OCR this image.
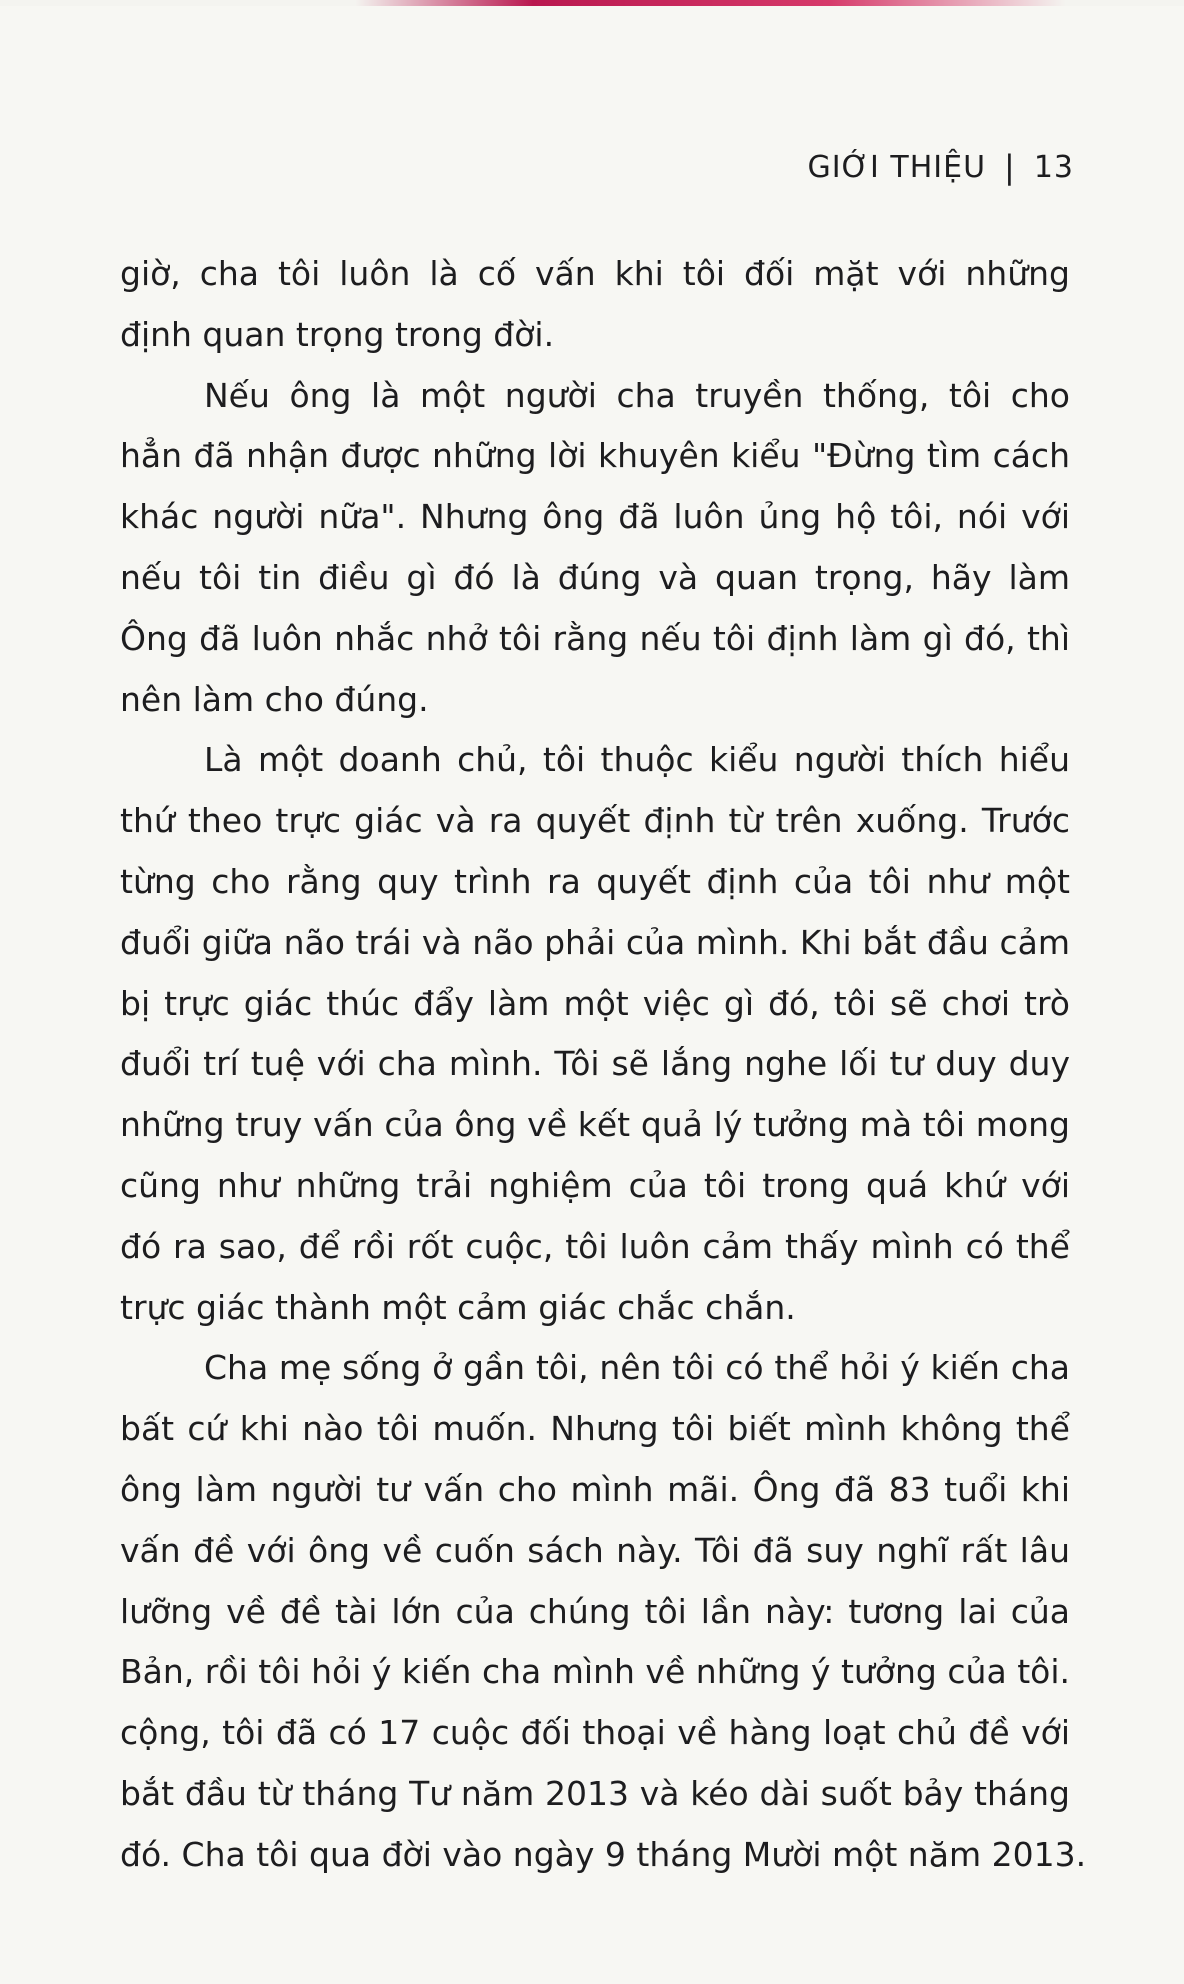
GIỚI THIỆU | 13
giờ, cha tôi luôn là cố vấn khi tôi đối mặt với những
định quan trọng trong đời.
Nếu ông là một người cha truyền thống, tôi cho
hẳn đã nhận được những lời khuyên kiểu "Đừng tìm cách
khác người nữa". Nhưng ông đã luôn ủng hộ tôi, nói với
nếu tôi tin điều gì đó là đúng và quan trọng, hãy làm
Ông đã luôn nhắc nhở tôi rằng nếu tôi định làm gì đó, thì
nên làm cho đúng.
Là một doanh chủ, tôi thuộc kiểu người thích hiểu
thứ theo trực giác và ra quyết định từ trên xuống. Trước
từng cho rằng quy trình ra quyết định của tôi như một
đuổi giữa não trái và não phải của mình. Khi bắt đầu cảm
bị trực giác thúc đẩy làm một việc gì đó, tôi sẽ chơi trò
đuổi trí tuệ với cha mình. Tôi sẽ lắng nghe lối tư duy duy
những truy vấn của ông về kết quả lý tưởng mà tôi mong
cũng như những trải nghiệm của tôi trong quá khứ với
đó ra sao, để rồi rốt cuộc, tôi luôn cảm thấy mình có thể
trực giác thành một cảm giác chắc chắn.
Cha mẹ sống ở gần tôi, nên tôi có thể hỏi ý kiến cha
bất cứ khi nào tôi muốn. Nhưng tôi biết mình không thể
ông làm người tư vấn cho mình mãi. Ông đã 83 tuổi khi
vấn đề với ông về cuốn sách này. Tôi đã suy nghĩ rất lâu
lưỡng về đề tài lớn của chúng tôi lần này: tương lai của
Bản, rồi tôi hỏi ý kiến cha mình về những ý tưởng của tôi.
cộng, tôi đã có 17 cuộc đối thoại về hàng loạt chủ đề với
bắt đầu từ tháng Tư năm 2013 và kéo dài suốt bảy tháng
đó. Cha tôi qua đời vào ngày 9 tháng Mười một năm 2013.
